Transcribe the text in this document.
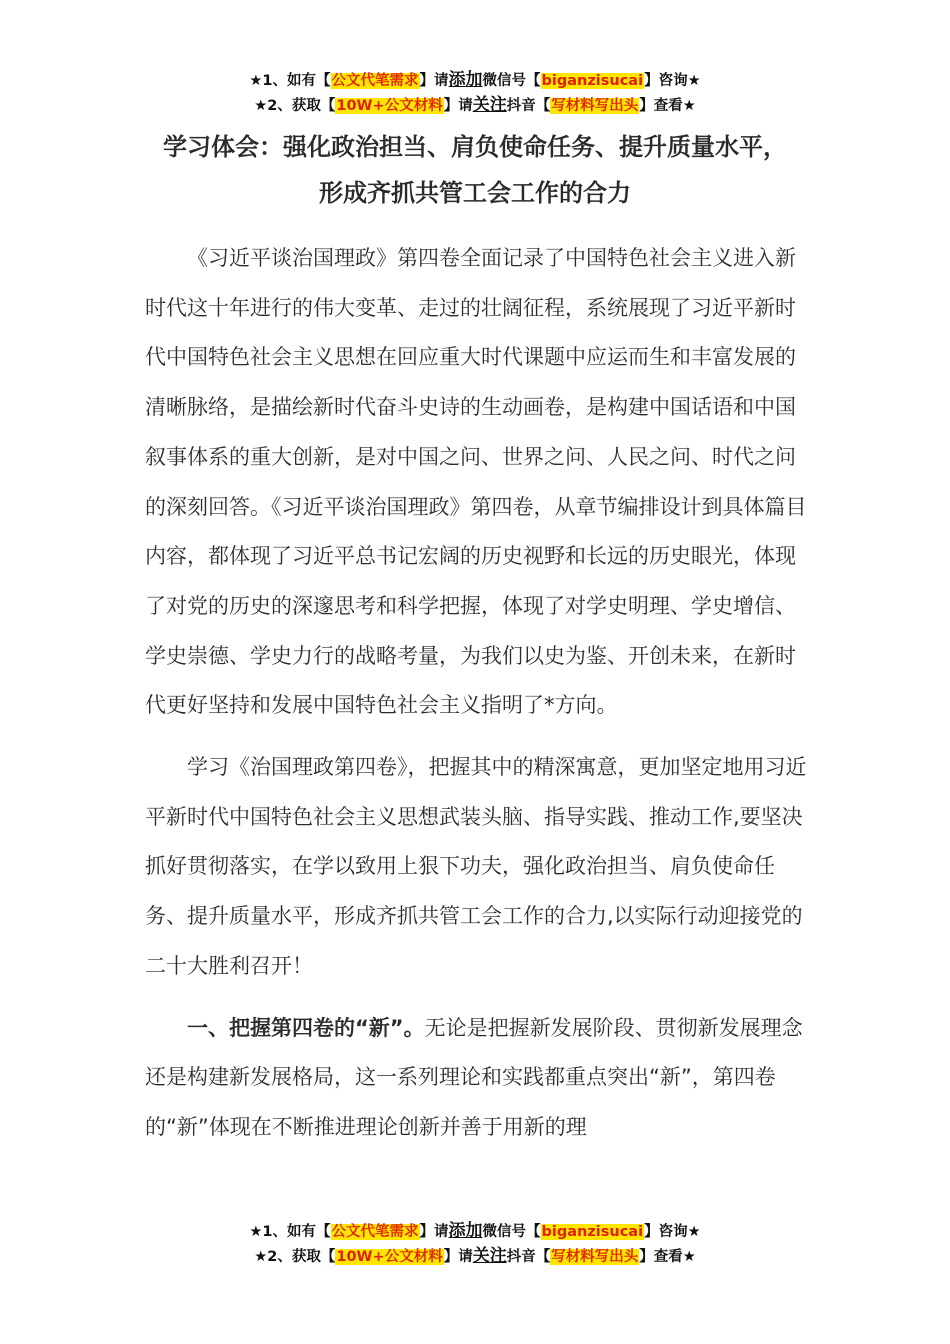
★1、如有【公文代笔需求】请添加微信号【biganzisucai】咨询★
★2、获取【10W+公文材料】请关注抖音【写材料写出头】查看★
学习体会：强化政治担当、肩负使命任务、提升质量水平，
形成齐抓共管工会工作的合力

《习近平谈治国理政》第四卷全面记录了中国特色社会主义进入新时代这十年进行的伟大变革、走过的壮阔征程，系统展现了习近平新时代中国特色社会主义思想在回应重大时代课题中应运而生和丰富发展的清晰脉络，是描绘新时代奋斗史诗的生动画卷，是构建中国话语和中国叙事体系的重大创新，是对中国之问、世界之问、人民之问、时代之问的深刻回答。《习近平谈治国理政》第四卷，从章节编排设计到具体篇目内容，都体现了习近平总书记宏阔的历史视野和长远的历史眼光，体现了对党的历史的深邃思考和科学把握，体现了对学史明理、学史增信、学史崇德、学史力行的战略考量，为我们以史为鉴、开创未来，在新时代更好坚持和发展中国特色社会主义指明了*方向。

学习《治国理政第四卷》，把握其中的精深寓意，更加坚定地用习近平新时代中国特色社会主义思想武装头脑、指导实践、推动工作,要坚决抓好贯彻落实，在学以致用上狠下功夫，强化政治担当、肩负使命任务、提升质量水平，形成齐抓共管工会工作的合力,以实际行动迎接党的二十大胜利召开！

一、把握第四卷的“新”。无论是把握新发展阶段、贯彻新发展理念还是构建新发展格局，这一系列理论和实践都重点突出“新”，第四卷的“新”体现在不断推进理论创新并善于用新的理

★1、如有【公文代笔需求】请添加微信号【biganzisucai】咨询★
★2、获取【10W+公文材料】请关注抖音【写材料写出头】查看★
